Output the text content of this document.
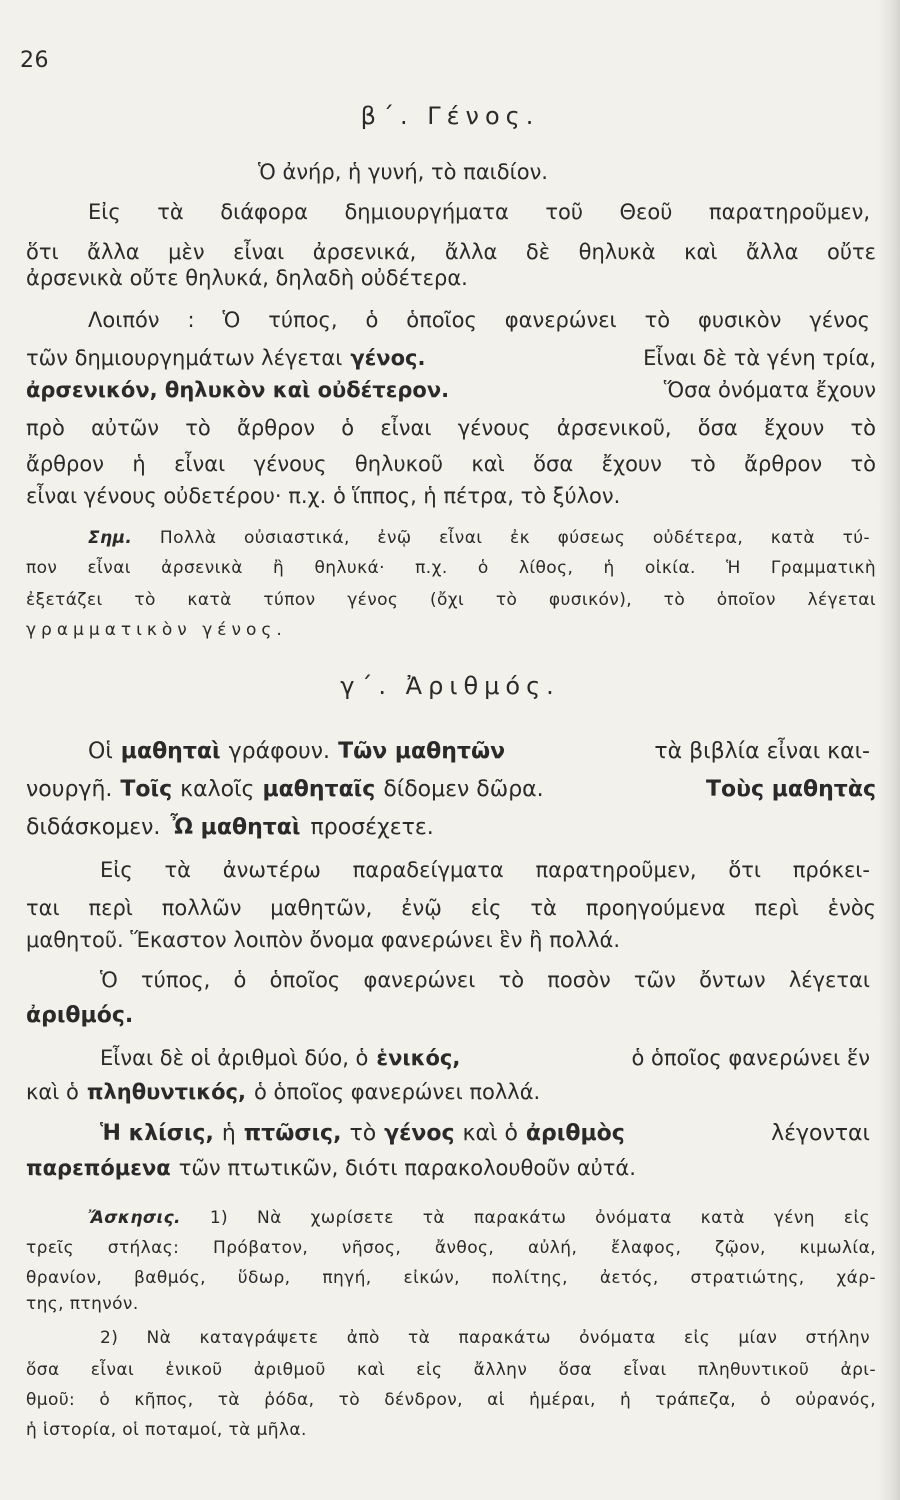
26
β΄. Γένος.
Ὁ ἀνήρ, ἡ γυνή, τὸ παιδίον.
Εἰς τὰ διάφορα δημιουργήματα τοῦ Θεοῦ παρατηροῦμεν,
ὅτι ἄλλα μὲν εἶναι ἀρσενικά, ἄλλα δὲ θηλυκὰ καὶ ἄλλα οὔτε
ἀρσενικὰ οὔτε θηλυκά, δηλαδὴ οὐδέτερα.
Λοιπόν : Ὁ τύπος, ὁ ὁποῖος φανερώνει τὸ φυσικὸν γένος
τῶν δημιουργημάτων λέγεται γένος.	Εἶναι δὲ τὰ γένη τρία,
ἀρσενικόν, θηλυκὸν καὶ οὐδέτερον.	Ὅσα ὀνόματα ἔχουν
πρὸ αὐτῶν τὸ ἄρθρον ὁ εἶναι γένους ἀρσενικοῦ, ὅσα ἔχουν τὸ
ἄρθρον ἡ εἶναι γένους θηλυκοῦ καὶ ὅσα ἔχουν τὸ ἄρθρον τὸ
εἶναι γένους οὐδετέρου· π.χ. ὁ ἵππος, ἡ πέτρα, τὸ ξύλον.
Σημ. Πολλὰ οὐσιαστικά, ἐνῷ εἶναι ἐκ φύσεως οὐδέτερα, κατὰ τύ-
πον εἶναι ἀρσενικὰ ἢ θηλυκά· π.χ. ὁ λίθος, ἡ οἰκία. Ἡ Γραμματικὴ
ἐξετάζει τὸ κατὰ τύπον γένος (ὄχι τὸ φυσικόν), τὸ ὁποῖον λέγεται
γραμματικὸν γένος.
γ΄. Ἀριθμός.
Οἱ μαθηταὶ γράφουν. Τῶν μαθητῶν	τὰ βιβλία εἶναι και-
νουργῆ. Τοῖς καλοῖς μαθηταῖς δίδομεν δῶρα.	Τοὺς μαθητὰς
διδάσκομεν. Ὦ μαθηταὶ προσέχετε.
Εἰς τὰ ἀνωτέρω παραδείγματα παρατηροῦμεν, ὅτι πρόκει-
ται περὶ πολλῶν μαθητῶν, ἐνῷ εἰς τὰ προηγούμενα περὶ ἑνὸς
μαθητοῦ. Ἕκαστον λοιπὸν ὄνομα φανερώνει ἓν ἢ πολλά.
Ὁ τύπος, ὁ ὁποῖος φανερώνει τὸ ποσὸν τῶν ὄντων λέγεται
ἀριθμός.
Εἶναι δὲ οἱ ἀριθμοὶ δύο, ὁ ἑνικός,	ὁ ὁποῖος φανερώνει ἕν
καὶ ὁ πληθυντικός, ὁ ὁποῖος φανερώνει πολλά.
Ἡ κλίσις, ἡ πτῶσις, τὸ γένος καὶ ὁ ἀριθμὸς	λέγονται
παρεπόμενα τῶν πτωτικῶν, διότι παρακολουθοῦν αὐτά.
Ἄσκησις. 1) Νὰ χωρίσετε τὰ παρακάτω ὀνόματα κατὰ γένη εἰς
τρεῖς στήλας: Πρόβατον, νῆσος, ἄνθος, αὐλή, ἔλαφος, ζῷον, κιμωλία,
θρανίον, βαθμός, ὕδωρ, πηγή, εἰκών, πολίτης, ἀετός, στρατιώτης, χάρ-
της, πτηνόν.
2) Νὰ καταγράψετε ἀπὸ τὰ παρακάτω ὀνόματα εἰς μίαν στήλην
ὅσα εἶναι ἑνικοῦ ἀριθμοῦ καὶ εἰς ἄλλην ὅσα εἶναι πληθυντικοῦ ἀρι-
θμοῦ: ὁ κῆπος, τὰ ῥόδα, τὸ δένδρον, αἱ ἡμέραι, ἡ τράπεζα, ὁ οὐρανός,
ἡ ἱστορία, οἱ ποταμοί, τὰ μῆλα.
